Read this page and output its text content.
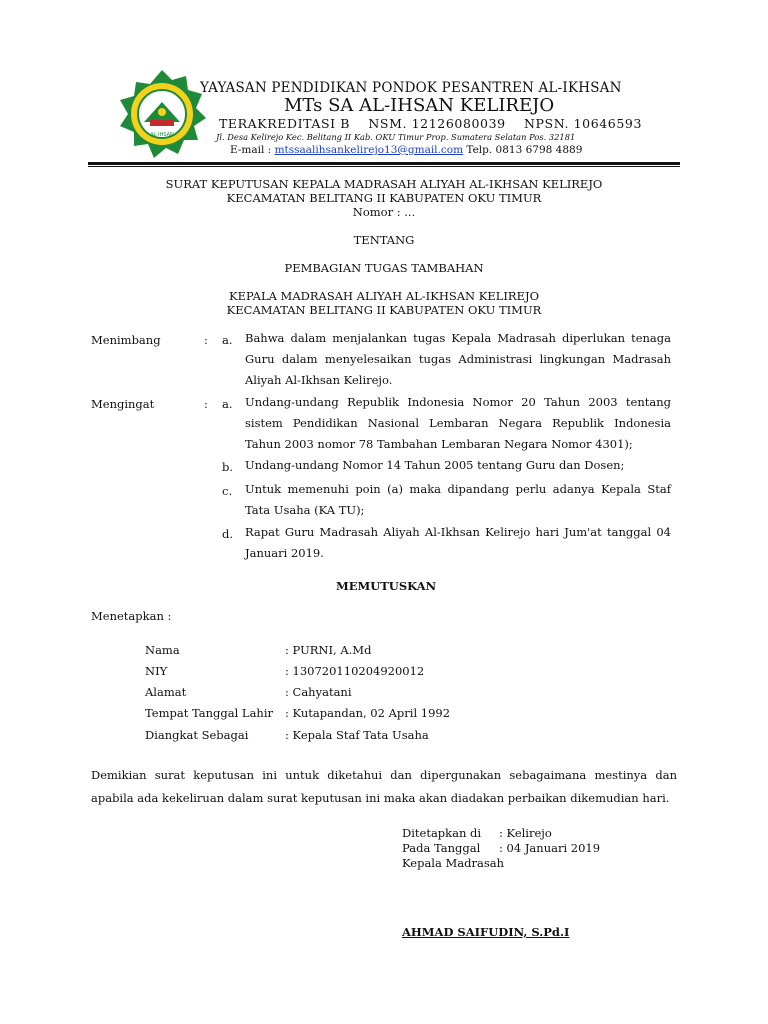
AL-IHSAN
YAYASAN PENDIDIKAN PONDOK PESANTREN AL-IKHSAN
MTs SA AL-IHSAN KELIREJO
TERAKREDITASI B NSM. 12126080039 NPSN. 10646593
Jl. Desa Kelirejo Kec. Belitang II Kab. OKU Timur Prop. Sumatera Selatan Pos. 32181
E-mail : mtssaalihsankelirejo13@gmail.com Telp. 0813 6798 4889
SURAT KEPUTUSAN KEPALA MADRASAH ALIYAH AL-IKHSAN KELIREJO
KECAMATAN BELITANG II KABUPATEN OKU TIMUR
Nomor : ...
TENTANG
PEMBAGIAN TUGAS TAMBAHAN
KEPALA MADRASAH ALIYAH AL-IKHSAN KELIREJO
KECAMATAN BELITANG II KABUPATEN OKU TIMUR
Menimbang	: a. Bahwa dalam menjalankan tugas Kepala Madrasah diperlukan tenaga
Guru dalam menyelesaikan tugas Administrasi lingkungan Madrasah
Aliyah Al-Ikhsan Kelirejo.
Mengingat	: a. Undang-undang Republik Indonesia Nomor 20 Tahun 2003 tentang
sistem Pendidikan Nasional Lembaran Negara Republik Indonesia
Tahun 2003 nomor 78 Tambahan Lembaran Negara Nomor 4301);
b. Undang-undang Nomor 14 Tahun 2005 tentang Guru dan Dosen;
c. Untuk memenuhi poin (a) maka dipandang perlu adanya Kepala Staf
Tata Usaha (KA TU);
d. Rapat Guru Madrasah Aliyah Al-Ikhsan Kelirejo hari Jum'at tanggal 04
Januari 2019.
MEMUTUSKAN
Menetapkan :
Nama	: PURNI, A.Md
NIY	: 130720110204920012
Alamat	: Cahyatani
Tempat Tanggal Lahir : Kutapandan, 02 April 1992
Diangkat Sebagai	: Kepala Staf Tata Usaha
Demikian surat keputusan ini untuk diketahui dan dipergunakan sebagaimana mestinya dan
apabila ada kekeliruan dalam surat keputusan ini maka akan diadakan perbaikan dikemudian hari.
Ditetapkan di : Kelirejo
Pada Tanggal : 04 Januari 2019
Kepala Madrasah
AHMAD SAIFUDIN, S.Pd.I
